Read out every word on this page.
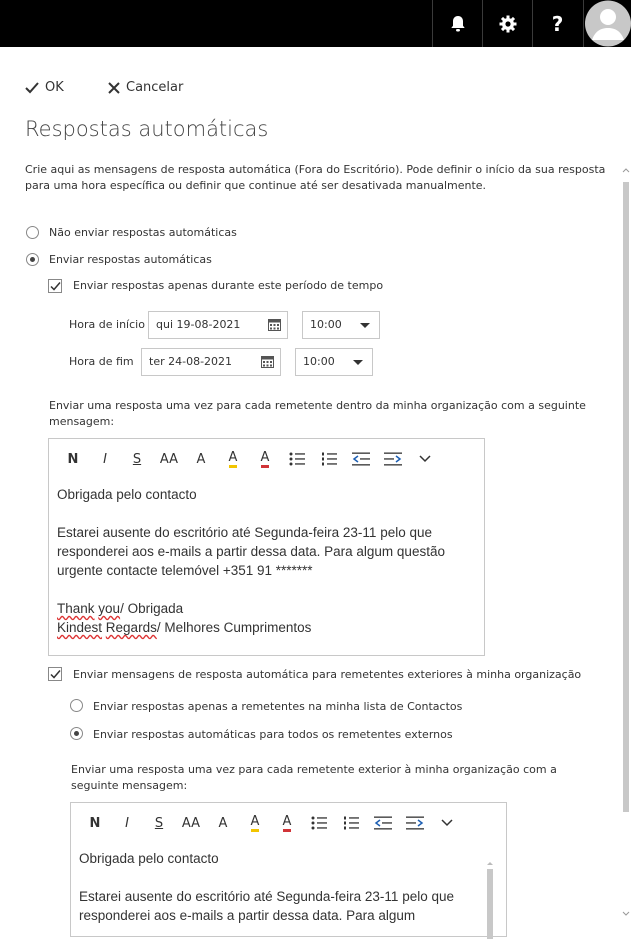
?
OK	Cancelar
Respostas automáticas
Crie aqui as mensagens de resposta automática (Fora do Escritório). Pode definir o início da sua resposta para uma hora específica ou definir que continue até ser desativada manualmente.
Não enviar respostas automáticas
Enviar respostas automáticas
Enviar respostas apenas durante este período de tempo
Hora de início	qui 19-08-2021	10:00
Hora de fim	ter 24-08-2021	10:00
Enviar uma resposta uma vez para cada remetente dentro da minha organização com a seguinte mensagem:
N I S AA A A A
Obrigada pelo contacto
Estarei ausente do escritório até Segunda-feira 23-11 pelo que
responderei aos e-mails a partir dessa data. Para algum questão
urgente contacte telemóvel +351 91 *******
Thank you/ Obrigada
Kindest Regards/ Melhores Cumprimentos
Enviar mensagens de resposta automática para remetentes exteriores à minha organização
Enviar respostas apenas a remetentes na minha lista de Contactos
Enviar respostas automáticas para todos os remetentes externos
Enviar uma resposta uma vez para cada remetente exterior à minha organização com a seguinte mensagem:
N I S AA A A A
Obrigada pelo contacto
Estarei ausente do escritório até Segunda-feira 23-11 pelo que
responderei aos e-mails a partir dessa data. Para algum
